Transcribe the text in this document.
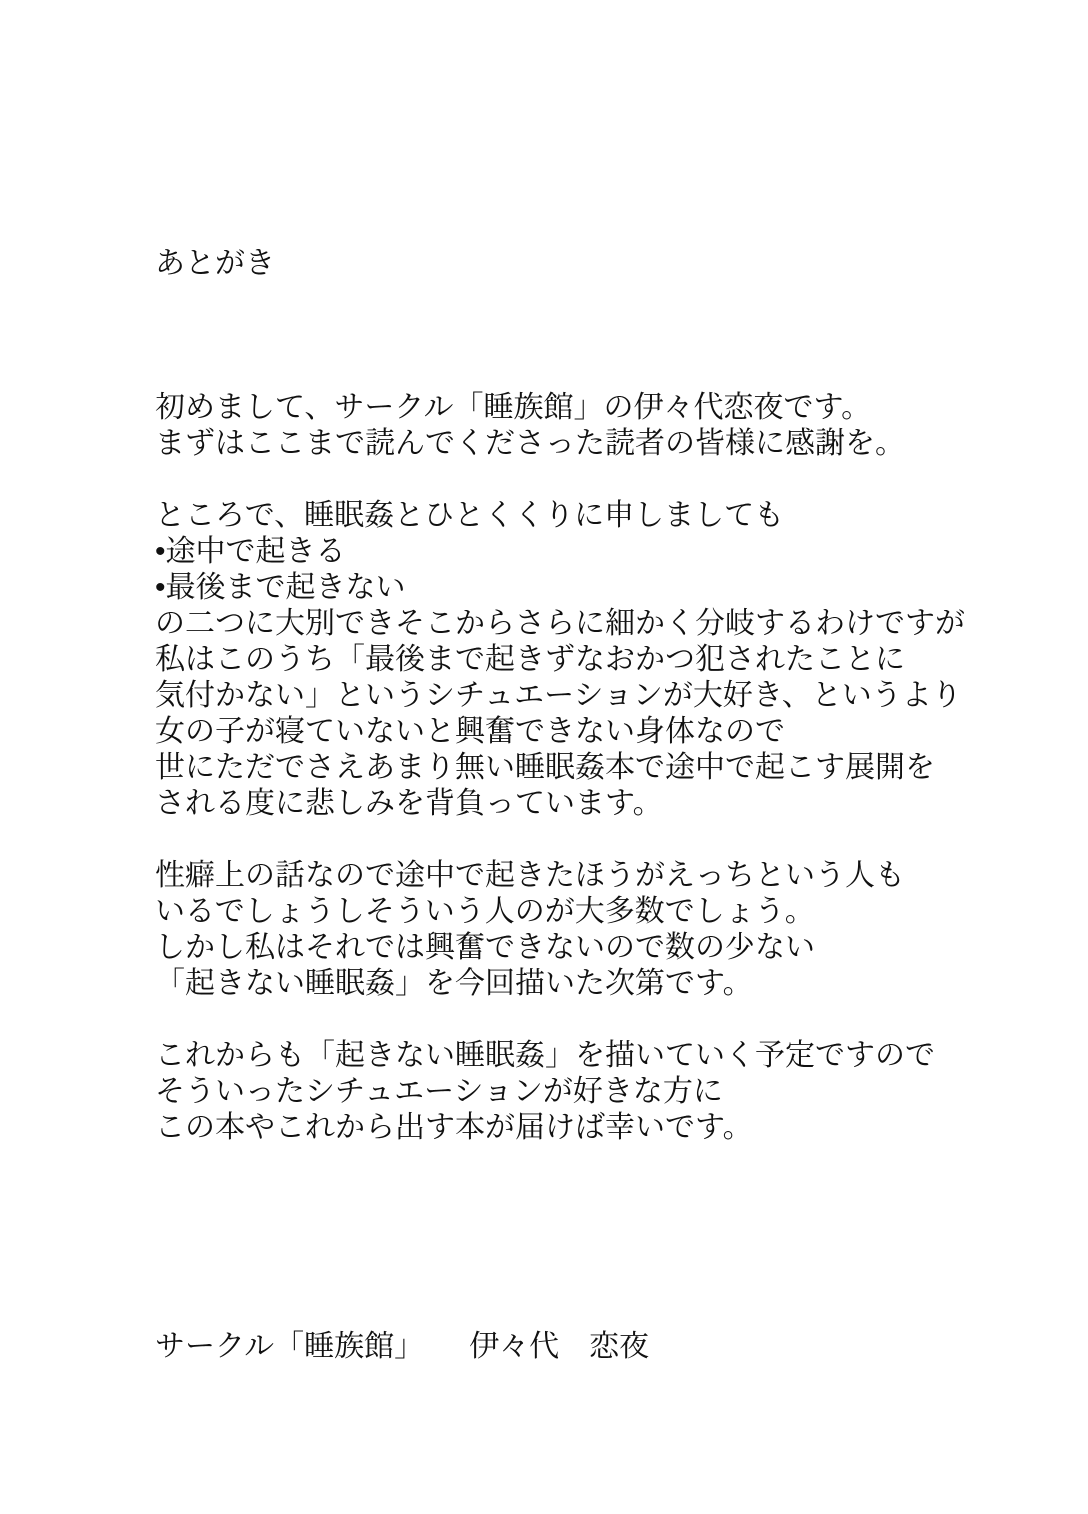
あとがき

初めまして、サークル「睡族館」の伊々代恋夜です。
まずはここまで読んでくださった読者の皆様に感謝を。
ところで、睡眠姦とひとくくりに申しましても
•途中で起きる
•最後まで起きない
の二つに大別できそこからさらに細かく分岐するわけですが
私はこのうち「最後まで起きずなおかつ犯されたことに
気付かない」というシチュエーションが大好き、というより
女の子が寝ていないと興奮できない身体なので
世にただでさえあまり無い睡眠姦本で途中で起こす展開を
される度に悲しみを背負っています。
性癖上の話なので途中で起きたほうがえっちという人も
いるでしょうしそういう人のが大多数でしょう。
しかし私はそれでは興奮できないので数の少ない
「起きない睡眠姦」を今回描いた次第です。
これからも「起きない睡眠姦」を描いていく予定ですので
そういったシチュエーションが好きな方に
この本やこれから出す本が届けば幸いです。

サークル「睡族館」　　伊々代　恋夜
